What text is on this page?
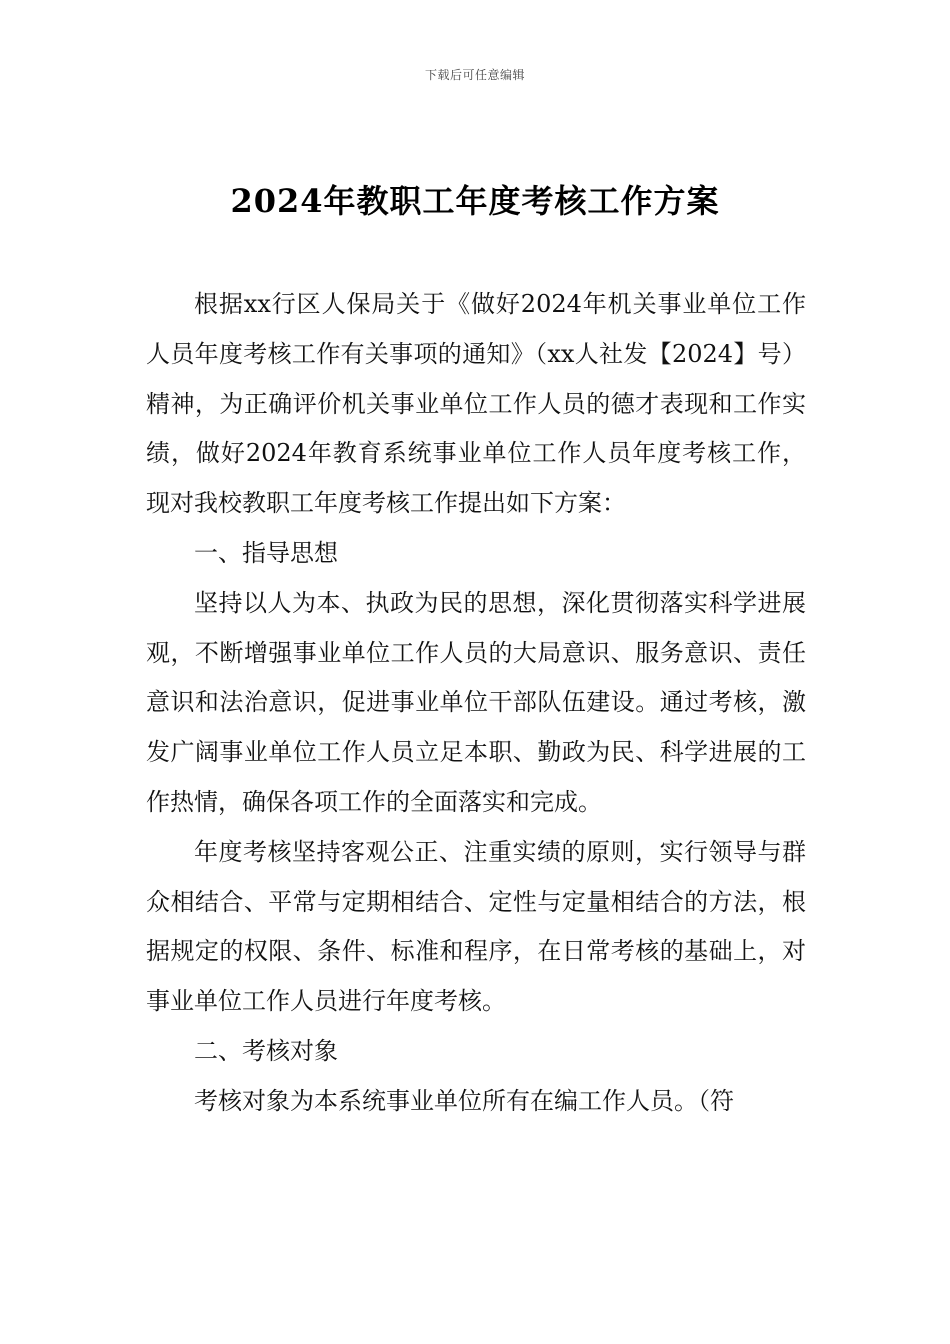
下载后可任意编辑
2024年教职工年度考核工作方案

根据xx行区人保局关于《做好2024年机关事业单位工作人员年度考核工作有关事项的通知》（xx人社发【2024】号）精神，为正确评价机关事业单位工作人员的德才表现和工作实绩，做好2024年教育系统事业单位工作人员年度考核工作，现对我校教职工年度考核工作提出如下方案：

一、指导思想

坚持以人为本、执政为民的思想，深化贯彻落实科学进展观，不断增强事业单位工作人员的大局意识、服务意识、责任意识和法治意识，促进事业单位干部队伍建设。通过考核，激发广阔事业单位工作人员立足本职、勤政为民、科学进展的工作热情，确保各项工作的全面落实和完成。

年度考核坚持客观公正、注重实绩的原则，实行领导与群众相结合、平常与定期相结合、定性与定量相结合的方法，根据规定的权限、条件、标准和程序，在日常考核的基础上，对事业单位工作人员进行年度考核。

二、考核对象

考核对象为本系统事业单位所有在编工作人员。（符
